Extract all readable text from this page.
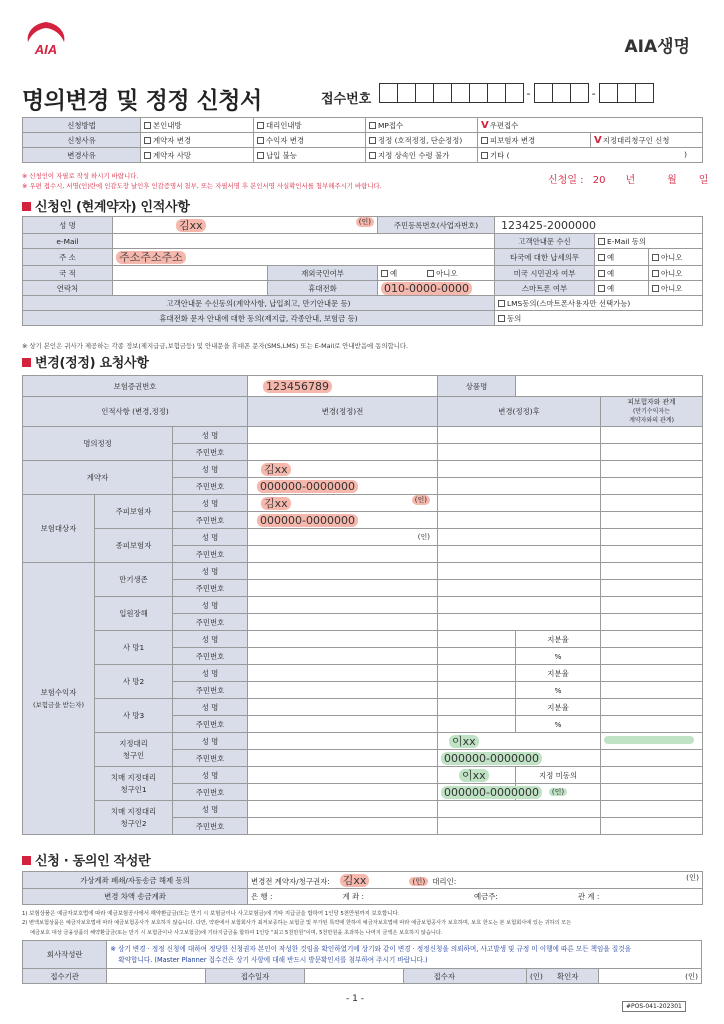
AIA	AIA생명
명의변경 및 정정 신청서	접수번호	-	-
신청방법	본인내방	대리인내방	MP접수	V우편접수	
신청사유	계약자 변경	수익자 변경	정정 (호적정정, 단순정정)	피보험자 변경	V지정대리청구인 신청
변경사유	계약자 사망	납입 불능	지정 상속인 수령 불가	기타 ( )	
※ 신청인이 자필로 작성 하시기 바랍니다.
※ 우편 접수시, 서명(인)란에 인감도장 날인후 인감증명서 첨부, 또는 자필서명 후 본인서명 사실확인서를 첨부해주시기 바랍니다.	신청일 : 20 년	월 일
신청인 (현계약자) 인적사항
성 명	김xx (인)		주민등록번호(사업자번호)	123425-2000000		
e-Mail				고객안내문 수신	E-Mail 동의	
주 소	주소주소주소			타국에 대한 납세의무	예	아니오
국 적		재외국민여부	예 아니오	미국 시민권자 여부	예	아니오
연락처		휴대전화	010-0000-0000	스마트폰 여부	예	아니오
고객안내문 수신동의(계약사항, 납입최고, 만기안내문 등)				LMS동의(스마트폰사용자만 선택가능)		
휴대전화 문자 안내에 대한 동의(제지급, 각종안내, 보험금 등)				동의		
※ 상기 본인은 귀사가 제공하는 각종 정보(제지급금,보험금등) 및 안내문을 휴대폰 문자(SMS,LMS) 또는 E-Mail로 안내받음에 동의합니다.
변경(정정) 요청사항
보험증권번호			123456789	상품명		
인적사항 (변경,정정)			변경(정정)전	변경(정정)후		피보험자와 관계
(만기수익자는
계약자와의 관계)

명의정정		성 명				
		주민번호				
계약자		성 명	김xx			
		주민번호	000000-0000000			
보험대상자	주피보험자	성 명	김xx (인)			

		주민번호	000000-0000000			
	종피보험자	성 명	(인)			

		주민번호				

보험수익자
(보험금을 받는자)	만기생존	성 명				
		주민번호				
	입원장해	성 명				
		주민번호				
	사 망1	성 명			지분율	
		주민번호			%	
	사 망2	성 명			지분율	
		주민번호			%	
	사 망3	성 명			지분율	
		주민번호			%	

	지정대리
청구인	성 명		이xx		
		주민번호		000000-0000000		

	치매 지정대리
청구인1	성 명		이xx	지정 미동의	
		주민번호		000000-0000000	(인)	

	치매 지정대리
청구인2	성 명				
		주민번호				
신청 · 동의인 작성란
가상계좌 폐쇄/자동송금 해제 동의	변경전 계약자/청구권자: 김xx (인) 대리인: (인)

변경 차액 송금계좌	은 행 : 계 좌 : 예금주: 관 계 :
1) 보험상품은 예금자보호법에 따라 예금보험공사에서 해약환급금(또는 만기 시 보험금이나 사고보험금)에 기타 지급금을 합하여 1인당 5천만원까지 보호합니다.
2) 변액보험상품은 예금자보호법에 따라 예금보험공사가 보호하지 않습니다. 다만, 약관에서 보험회사가 최저보증하는 보험금 및 부가된 특약에 한하여 예금자보호법에 따라 예금보험공사가 보호하며, 보호 한도는 본 보험회사에 있는 귀하의 모든
예금보호 대상 금융상품의 해약환급금(또는 만기 시 보험금이나 사고보험금)에 기타지급금을 합하여 1인당 "최고 5천만원"이며, 5천만원을 초과하는 나머지 금액은 보호하지 않습니다.
회사작성란	※ 상기 변경 · 정정 신청에 대하여 정당한 신청권자 본인이 작성한 것임을 확인하였기에 상기와 같이 변경 · 정정신청을 의뢰하며, 사고발생 및 규정 미 이행에 따른 모든 책임을 질것을
확약합니다. (Master Planner 접수건은 상기 사항에 대해 반드시 방문확인서를 첨부하여 주시기 바랍니다.)					

접수기관		접수일자		접수자	(인) 확인자	(인)
- 1 -
#POS-041-202301
